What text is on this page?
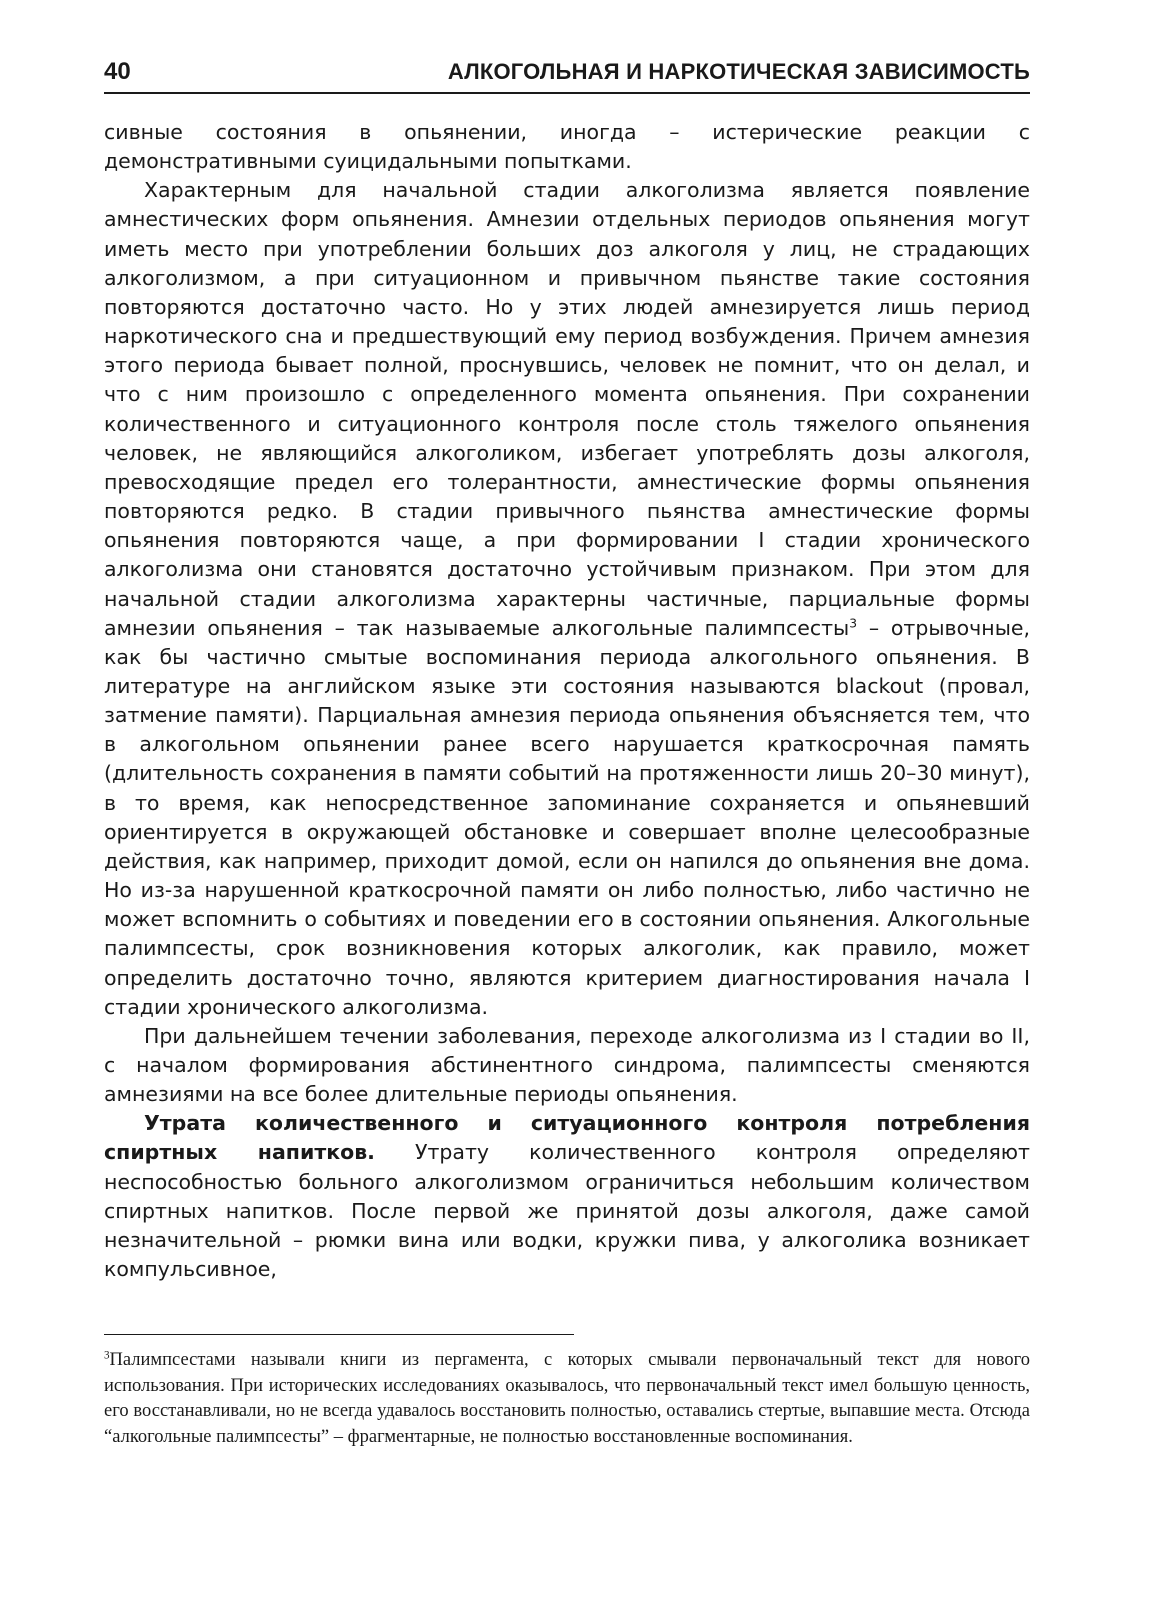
40	АЛКОГОЛЬНАЯ И НАРКОТИЧЕСКАЯ ЗАВИСИМОСТЬ

сивные состояния в опьянении, иногда – истерические реакции с демонстративными суицидальными попытками.

Характерным для начальной стадии алкоголизма является появление амнестических форм опьянения. Амнезии отдельных периодов опьянения могут иметь место при употреблении больших доз алкоголя у лиц, не страдающих алкоголизмом, а при ситуационном и привычном пьянстве такие состояния повторяются достаточно часто. Но у этих людей амнезируется лишь период наркотического сна и предшествующий ему период возбуждения. Причем амнезия этого периода бывает полной, проснувшись, человек не помнит, что он делал, и что с ним произошло с определенного момента опьянения. При сохранении количественного и ситуационного контроля после столь тяжелого опьянения человек, не являющийся алкоголиком, избегает употреблять дозы алкоголя, превосходящие предел его толерантности, амнестические формы опьянения повторяются редко. В стадии привычного пьянства амнестические формы опьянения повторяются чаще, а при формировании I стадии хронического алкоголизма они становятся достаточно устойчивым признаком. При этом для начальной стадии алкоголизма характерны частичные, парциальные формы амнезии опьянения – так называемые алкогольные палимпсесты$^3$ – отрывочные, как бы частично смытые воспоминания периода алкогольного опьянения. В литературе на английском языке эти состояния называются blackout (провал, затмение памяти). Парциальная амнезия периода опьянения объясняется тем, что в алкогольном опьянении ранее всего нарушается краткосрочная память (длительность сохранения в памяти событий на протяженности лишь 20–30 минут), в то время, как непосредственное запоминание сохраняется и опьяневший ориентируется в окружающей обстановке и совершает вполне целесообразные действия, как например, приходит домой, если он напился до опьянения вне дома. Но из-за нарушенной краткосрочной памяти он либо полностью, либо частично не может вспомнить о событиях и поведении его в состоянии опьянения. Алкогольные палимпсесты, срок возникновения которых алкоголик, как правило, может определить достаточно точно, являются критерием диагностирования начала I стадии хронического алкоголизма.

При дальнейшем течении заболевания, переходе алкоголизма из I стадии во II, с началом формирования абстинентного синдрома, палимпсесты сменяются амнезиями на все более длительные периоды опьянения.

Утрата количественного и ситуационного контроля потребления спиртных напитков. Утрату количественного контроля определяют неспособностью больного алкоголизмом ограничиться небольшим количеством спиртных напитков. После первой же принятой дозы алкоголя, даже самой незначительной – рюмки вина или водки, кружки пива, у алкоголика возникает компульсивное,

$^3$Палимпсестами называли книги из пергамента, с которых смывали первоначальный текст для нового использования. При исторических исследованиях оказывалось, что первоначальный текст имел большую ценность, его восстанавливали, но не всегда удавалось восстановить полностью, оставались стертые, выпавшие места. Отсюда “алкогольные палимпсесты” – фрагментарные, не полностью восстановленные воспоминания.
